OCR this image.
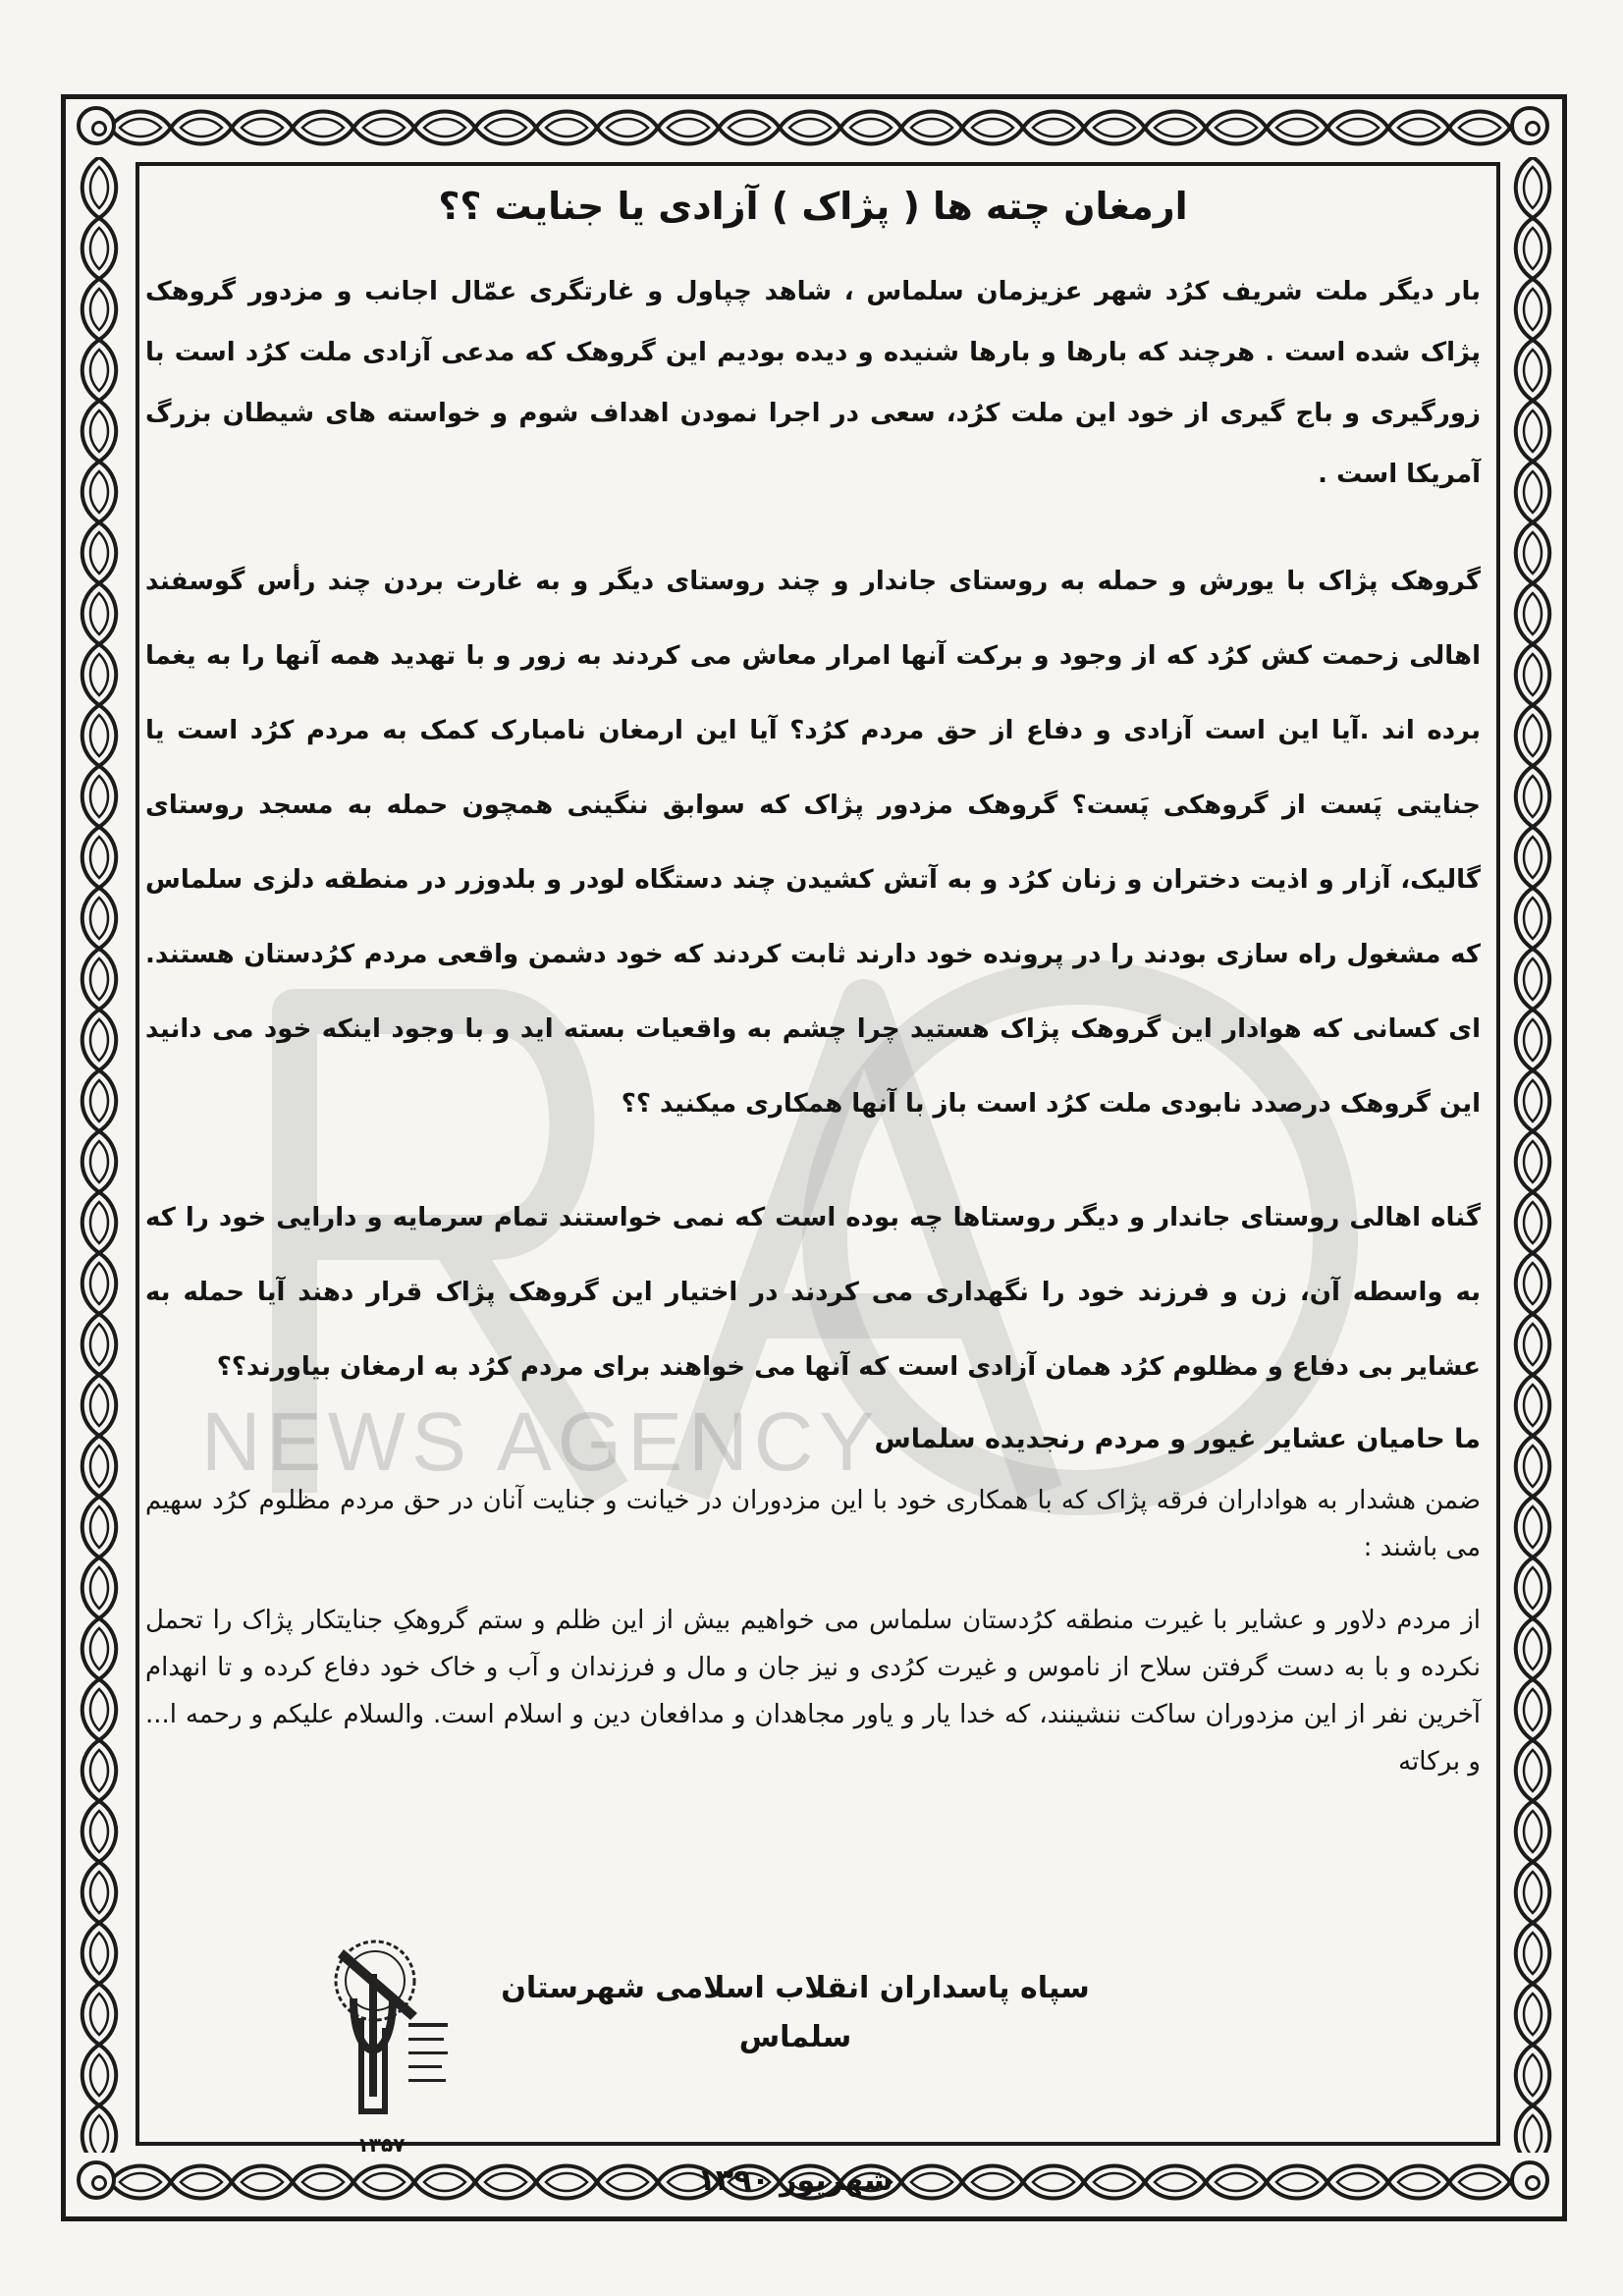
ارمغان چته ها ( پژاک ) آزادی یا جنایت ؟؟

بار دیگر ملت شریف کرُد شهر عزیزمان سلماس ، شاهد چپاول و غارتگری عمّال اجانب و مزدور گروهک پژاک شده است . هرچند که بارها و بارها شنیده و دیده بودیم این گروهک که مدعی آزادی ملت کرُد است با زورگیری و باج گیری از خود این ملت کرُد، سعی در اجرا نمودن اهداف شوم و خواسته های شیطان بزرگ آمریکا است .

گروهک پژاک با یورش و حمله به روستای جاندار و چند روستای دیگر و به غارت بردن چند رأس گوسفند اهالی زحمت کش کرُد که از وجود و برکت آنها امرار معاش می کردند به زور و با تهدید همه آنها را به یغما برده اند .آیا این است آزادی و دفاع از حق مردم کرُد؟ آیا این ارمغان نامبارک کمک به مردم کرُد است یا جنایتی پَست از گروهکی پَست؟ گروهک مزدور پژاک که سوابق ننگینی همچون حمله به مسجد روستای گالیک، آزار و اذیت دختران و زنان کرُد و به آتش کشیدن چند دستگاه لودر و بلدوزر در منطقه دلزی سلماس که مشغول راه سازی بودند را در پرونده خود دارند ثابت کردند که خود دشمن واقعی مردم کرُدستان هستند. ای کسانی که هوادار این گروهک پژاک هستید چرا چشم به واقعیات بسته اید و با وجود اینکه خود می دانید این گروهک درصدد نابودی ملت کرُد است باز با آنها همکاری میکنید ؟؟

گناه اهالی روستای جاندار و دیگر روستاها چه بوده است که نمی خواستند تمام سرمایه و دارایی خود را که به واسطه آن، زن و فرزند خود را نگهداری می کردند در اختیار این گروهک پژاک قرار دهند آیا حمله به عشایر بی دفاع و مظلوم کرُد همان آزادی است که آنها می خواهند برای مردم کرُد به ارمغان بیاورند؟؟

ما حامیان عشایر غیور و مردم رنجدیده سلماس

ضمن هشدار به هواداران فرقه پژاک که با همکاری خود با این مزدوران در خیانت و جنایت آنان در حق مردم مظلوم کرُد سهیم می باشند :

از مردم دلاور و عشایر با غیرت منطقه کرُدستان سلماس می خواهیم بیش از این ظلم و ستم گروهکِ جنایتکار پژاک را تحمل نکرده و با به دست گرفتن سلاح از ناموس و غیرت کرُدی و نیز جان و مال و فرزندان و آب و خاک خود دفاع کرده و تا انهدام آخرین نفر از این مزدوران ساکت ننشینند، که خدا یار و یاور مجاهدان و مدافعان دین و اسلام است. والسلام علیکم و رحمه ا... و برکاته

NEWS AGENCY
۱۳۵۷

سپاه پاسداران انقلاب اسلامی شهرستان سلماس

شهریور ۱۳۹۰
